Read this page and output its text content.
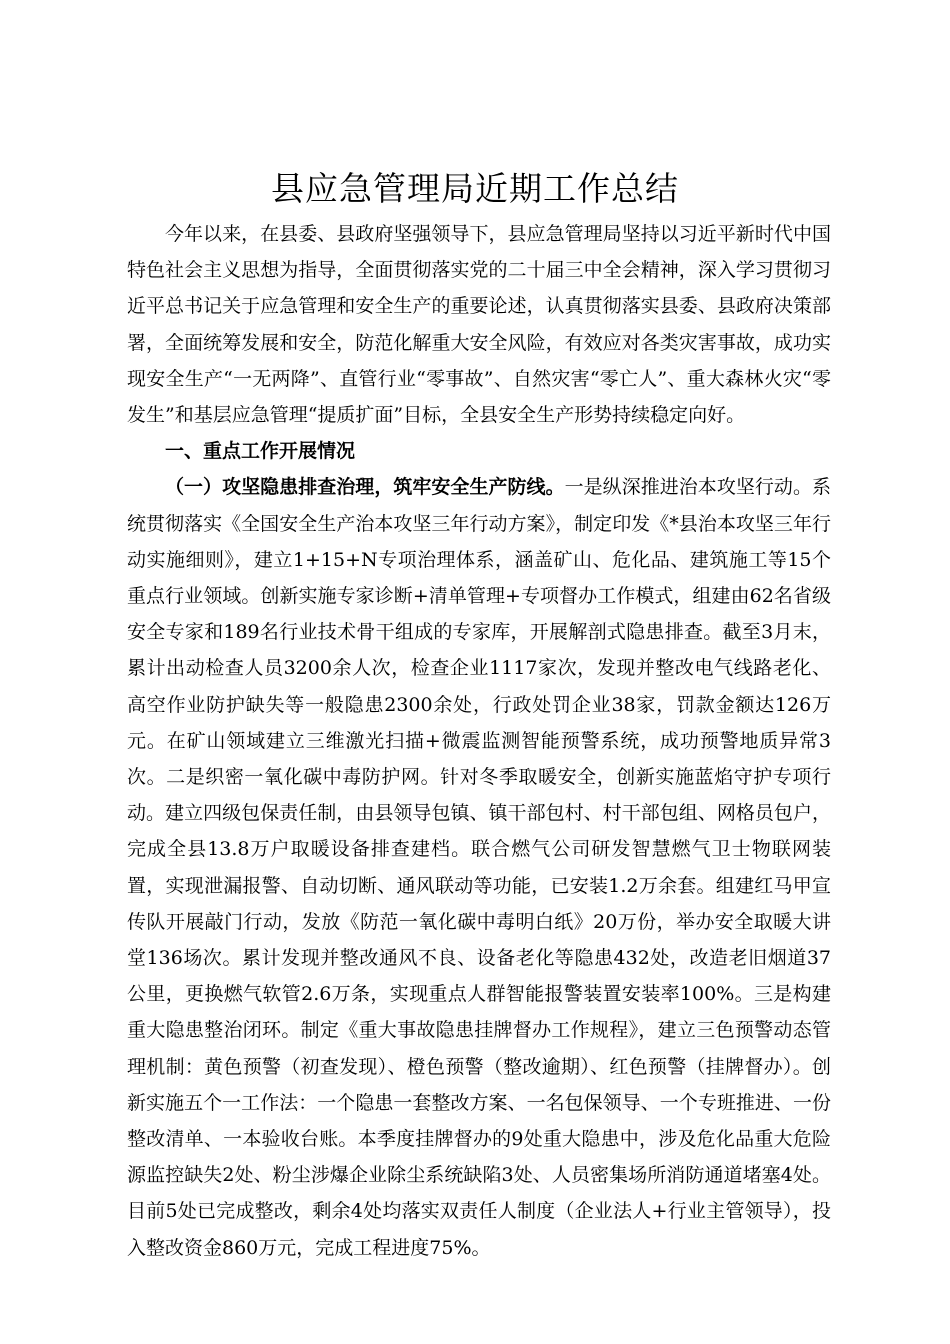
县应急管理局近期工作总结

今年以来，在县委、县政府坚强领导下，县应急管理局坚持以习近平新时代中国特色社会主义思想为指导，全面贯彻落实党的二十届三中全会精神，深入学习贯彻习近平总书记关于应急管理和安全生产的重要论述，认真贯彻落实县委、县政府决策部署，全面统筹发展和安全，防范化解重大安全风险，有效应对各类灾害事故，成功实现安全生产“一无两降”、直管行业“零事故”、自然灾害“零亡人”、重大森林火灾“零发生”和基层应急管理“提质扩面”目标，全县安全生产形势持续稳定向好。

一、重点工作开展情况

（一）攻坚隐患排查治理，筑牢安全生产防线。一是纵深推进治本攻坚行动。系统贯彻落实《全国安全生产治本攻坚三年行动方案》，制定印发《*县治本攻坚三年行动实施细则》，建立1+15+N专项治理体系，涵盖矿山、危化品、建筑施工等15个重点行业领域。创新实施专家诊断+清单管理+专项督办工作模式，组建由62名省级安全专家和189名行业技术骨干组成的专家库，开展解剖式隐患排查。截至3月末，累计出动检查人员3200余人次，检查企业1117家次，发现并整改电气线路老化、高空作业防护缺失等一般隐患2300余处，行政处罚企业38家，罚款金额达126万元。在矿山领域建立三维激光扫描+微震监测智能预警系统，成功预警地质异常3次。二是织密一氧化碳中毒防护网。针对冬季取暖安全，创新实施蓝焰守护专项行动。建立四级包保责任制，由县领导包镇、镇干部包村、村干部包组、网格员包户，完成全县13.8万户取暖设备排查建档。联合燃气公司研发智慧燃气卫士物联网装置，实现泄漏报警、自动切断、通风联动等功能，已安装1.2万余套。组建红马甲宣传队开展敲门行动，发放《防范一氧化碳中毒明白纸》20万份，举办安全取暖大讲堂136场次。累计发现并整改通风不良、设备老化等隐患432处，改造老旧烟道37公里，更换燃气软管2.6万条，实现重点人群智能报警装置安装率100%。三是构建重大隐患整治闭环。制定《重大事故隐患挂牌督办工作规程》，建立三色预警动态管理机制：黄色预警（初查发现）、橙色预警（整改逾期）、红色预警（挂牌督办）。创新实施五个一工作法：一个隐患一套整改方案、一名包保领导、一个专班推进、一份整改清单、一本验收台账。本季度挂牌督办的9处重大隐患中，涉及危化品重大危险源监控缺失2处、粉尘涉爆企业除尘系统缺陷3处、人员密集场所消防通道堵塞4处。目前5处已完成整改，剩余4处均落实双责任人制度（企业法人+行业主管领导），投入整改资金860万元，完成工程进度75%。
